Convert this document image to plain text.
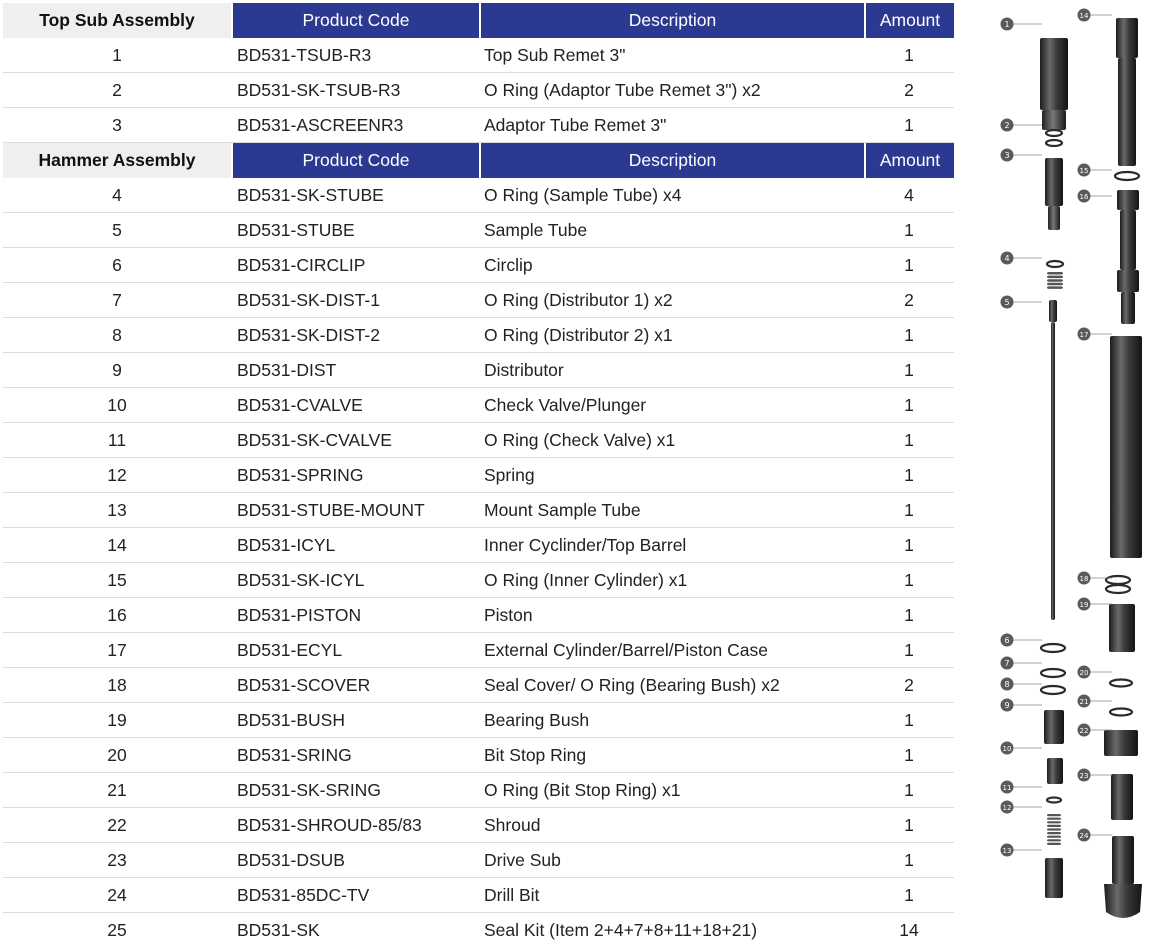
Top Sub Assembly	Product Code	Description	Amount
1	BD531-TSUB-R3	Top Sub Remet 3"	1
2	BD531-SK-TSUB-R3	O Ring (Adaptor Tube Remet 3") x2	2
3	BD531-ASCREENR3	Adaptor Tube Remet 3"	1
Hammer Assembly	Product Code	Description	Amount
4	BD531-SK-STUBE	O Ring (Sample Tube) x4	4
5	BD531-STUBE	Sample Tube	1
6	BD531-CIRCLIP	Circlip	1
7	BD531-SK-DIST-1	O Ring (Distributor 1) x2	2
8	BD531-SK-DIST-2	O Ring (Distributor 2) x1	1
9	BD531-DIST	Distributor	1
10	BD531-CVALVE	Check Valve/Plunger	1
11	BD531-SK-CVALVE	O Ring (Check Valve) x1	1
12	BD531-SPRING	Spring	1
13	BD531-STUBE-MOUNT	Mount Sample Tube	1
14	BD531-ICYL	Inner Cyclinder/Top Barrel	1
15	BD531-SK-ICYL	O Ring (Inner Cylinder) x1	1
16	BD531-PISTON	Piston	1
17	BD531-ECYL	External Cylinder/Barrel/Piston Case	1
18	BD531-SCOVER	Seal Cover/ O Ring (Bearing Bush) x2	2
19	BD531-BUSH	Bearing Bush	1
20	BD531-SRING	Bit Stop Ring	1
21	BD531-SK-SRING	O Ring (Bit Stop Ring) x1	1
22	BD531-SHROUD-85/83	Shroud	1
23	BD531-DSUB	Drive Sub	1
24	BD531-85DC-TV	Drill Bit	1
25	BD531-SK	Seal Kit (Item 2+4+7+8+11+18+21)	14
1
2
3
4
5
6
7
8
9
10
11
12
13
14
15
16
17
18
19
20
21
22
23
24
